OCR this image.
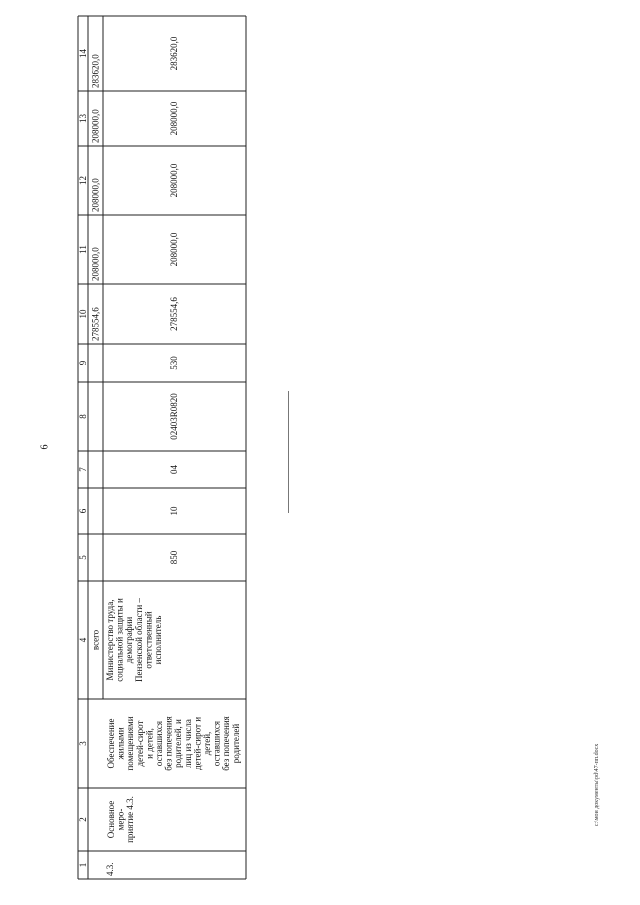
6
1
2
3
4
5
6
7
8
9
10
11
12
13
14
всего
278554,6
208000,0
208000,0
208000,0
283620,0
4.3.
Основное меро- приятие 4.3.
Обеспечение жилыми помещениями детей-сирот и детей, оставшихся без попечения родителей, и лиц из числа детей-сирот и детей, оставшихся без попечения родителей
Министерство труда, социальной защиты и демографии Пензенской области – ответственный исполнитель
850
10
04
02403R0820
530
278554,6
208000,0
208000,0
208000,0
283620,0
c:\мои документы\pd\47-пп.docx
